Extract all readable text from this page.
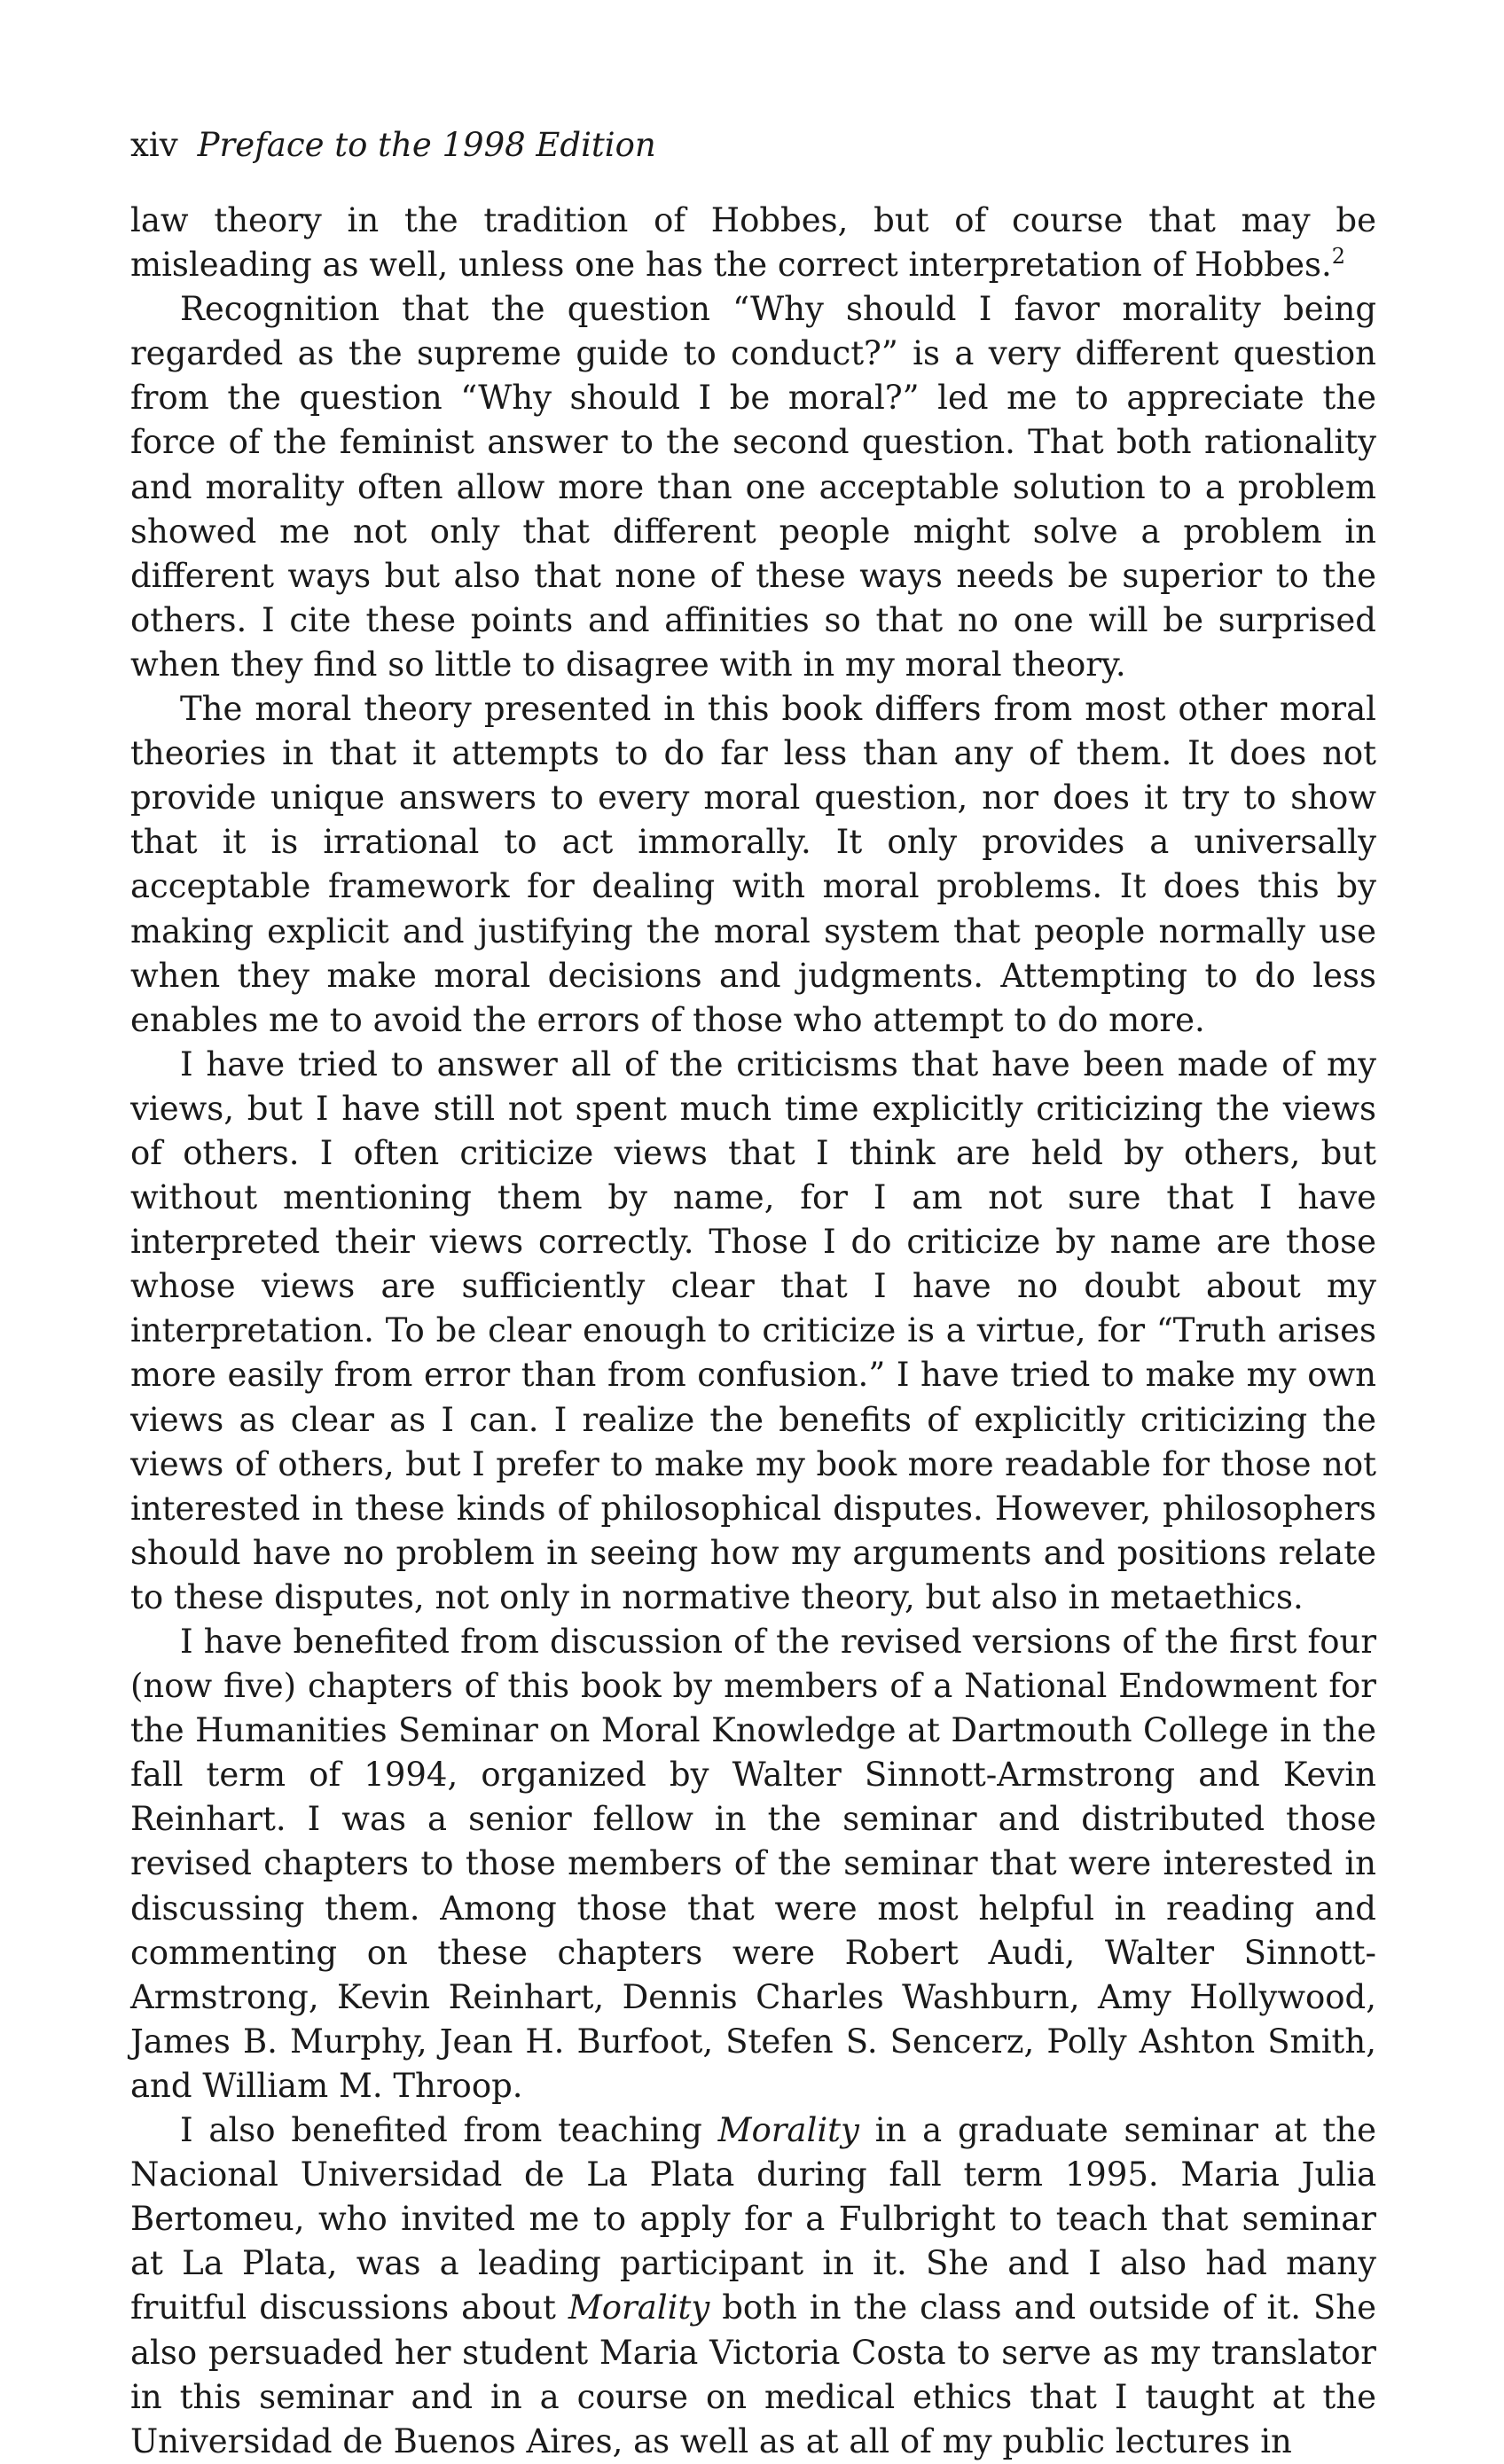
xiv Preface to the 1998 Edition

law theory in the tradition of Hobbes, but of course that may be misleading as well, unless one has the correct interpretation of Hobbes.$^2$

Recognition that the question “Why should I favor morality being regarded as the supreme guide to conduct?” is a very different question from the question “Why should I be moral?” led me to appreciate the force of the feminist answer to the second question. That both rationality and morality often allow more than one acceptable solution to a problem showed me not only that different people might solve a problem in different ways but also that none of these ways needs be superior to the others. I cite these points and affinities so that no one will be surprised when they find so little to disagree with in my moral theory.

The moral theory presented in this book differs from most other moral theories in that it attempts to do far less than any of them. It does not provide unique answers to every moral question, nor does it try to show that it is irrational to act immorally. It only provides a universally acceptable framework for dealing with moral problems. It does this by making explicit and justifying the moral system that people normally use when they make moral decisions and judgments. Attempting to do less enables me to avoid the errors of those who attempt to do more.

I have tried to answer all of the criticisms that have been made of my views, but I have still not spent much time explicitly criticizing the views of others. I often criticize views that I think are held by others, but without mentioning them by name, for I am not sure that I have interpreted their views correctly. Those I do criticize by name are those whose views are sufficiently clear that I have no doubt about my interpretation. To be clear enough to criticize is a virtue, for “Truth arises more easily from error than from confusion.” I have tried to make my own views as clear as I can. I realize the benefits of explicitly criticizing the views of others, but I prefer to make my book more readable for those not interested in these kinds of philosophical disputes. However, philosophers should have no problem in seeing how my arguments and positions relate to these disputes, not only in normative theory, but also in metaethics.

I have benefited from discussion of the revised versions of the first four (now five) chapters of this book by members of a National Endowment for the Humanities Seminar on Moral Knowledge at Dartmouth College in the fall term of 1994, organized by Walter Sinnott-Armstrong and Kevin Reinhart. I was a senior fellow in the seminar and distributed those revised chapters to those members of the seminar that were interested in discussing them. Among those that were most helpful in reading and commenting on these chapters were Robert Audi, Walter Sinnott-Armstrong, Kevin Reinhart, Dennis Charles Washburn, Amy Hollywood, James B. Murphy, Jean H. Burfoot, Stefen S. Sencerz, Polly Ashton Smith, and William M. Throop.

I also benefited from teaching Morality in a graduate seminar at the Nacional Universidad de La Plata during fall term 1995. Maria Julia Bertomeu, who invited me to apply for a Fulbright to teach that seminar at La Plata, was a leading participant in it. She and I also had many fruitful discussions about Morality both in the class and outside of it. She also persuaded her student Maria Victoria Costa to serve as my translator in this seminar and in a course on medical ethics that I taught at the Universidad de Buenos Aires, as well as at all of my public lectures in
